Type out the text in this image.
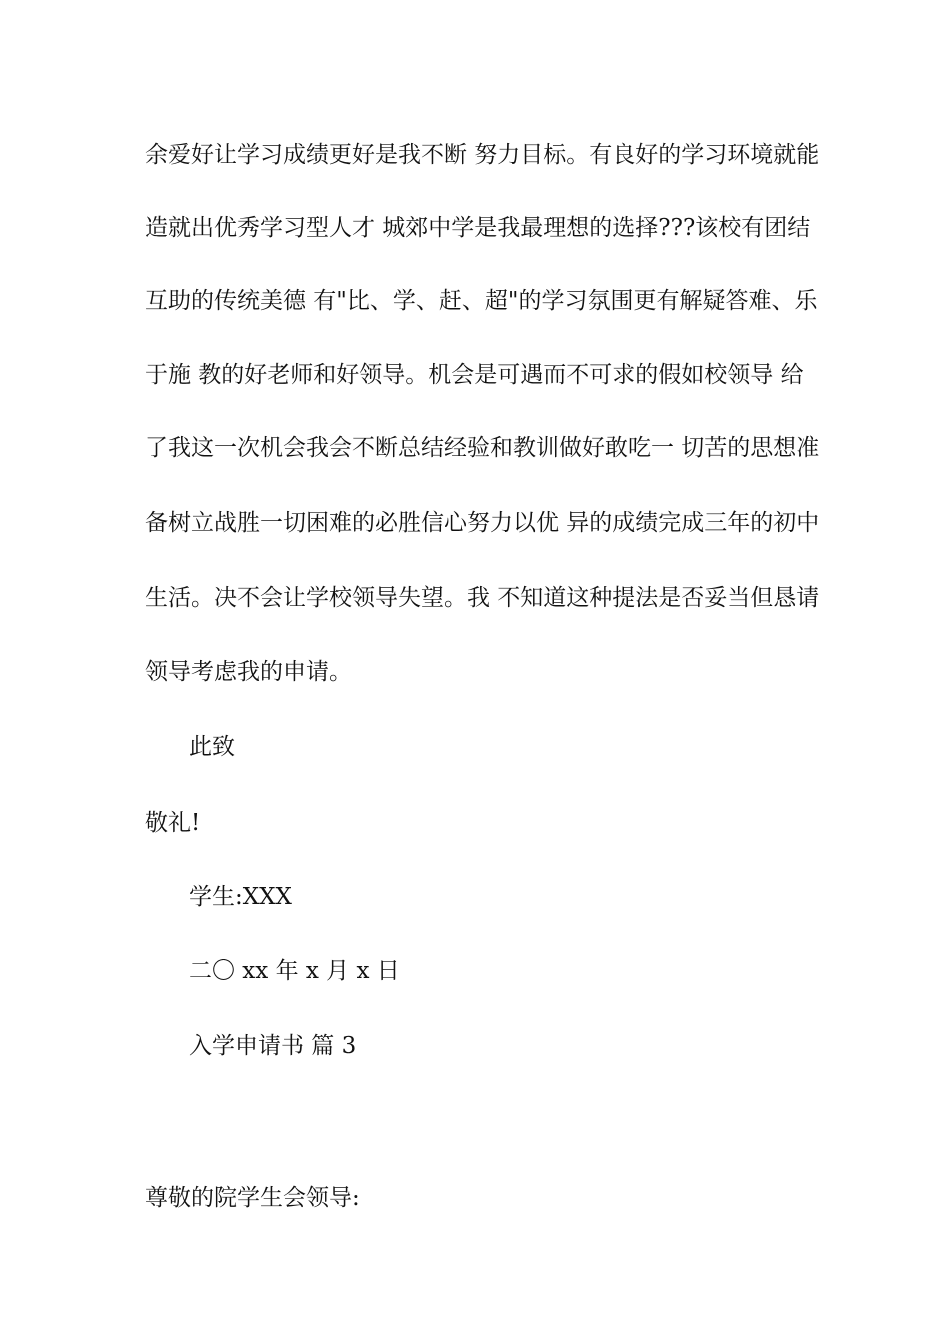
余爱好让学习成绩更好是我不断 努力目标。有良好的学习环境就能
造就出优秀学习型人才 城郊中学是我最理想的选择???该校有团结
互助的传统美德 有"比、学、赶、超"的学习氛围更有解疑答难、乐
于施 教的好老师和好领导。机会是可遇而不可求的假如校领导 给
了我这一次机会我会不断总结经验和教训做好敢吃一 切苦的思想准
备树立战胜一切困难的必胜信心努力以优 异的成绩完成三年的初中
生活。决不会让学校领导失望。我 不知道这种提法是否妥当但恳请
领导考虑我的申请。
此致
敬礼!
学生:XXX
二〇 xx 年 x 月 x 日
入学申请书 篇 3
尊敬的院学生会领导:
